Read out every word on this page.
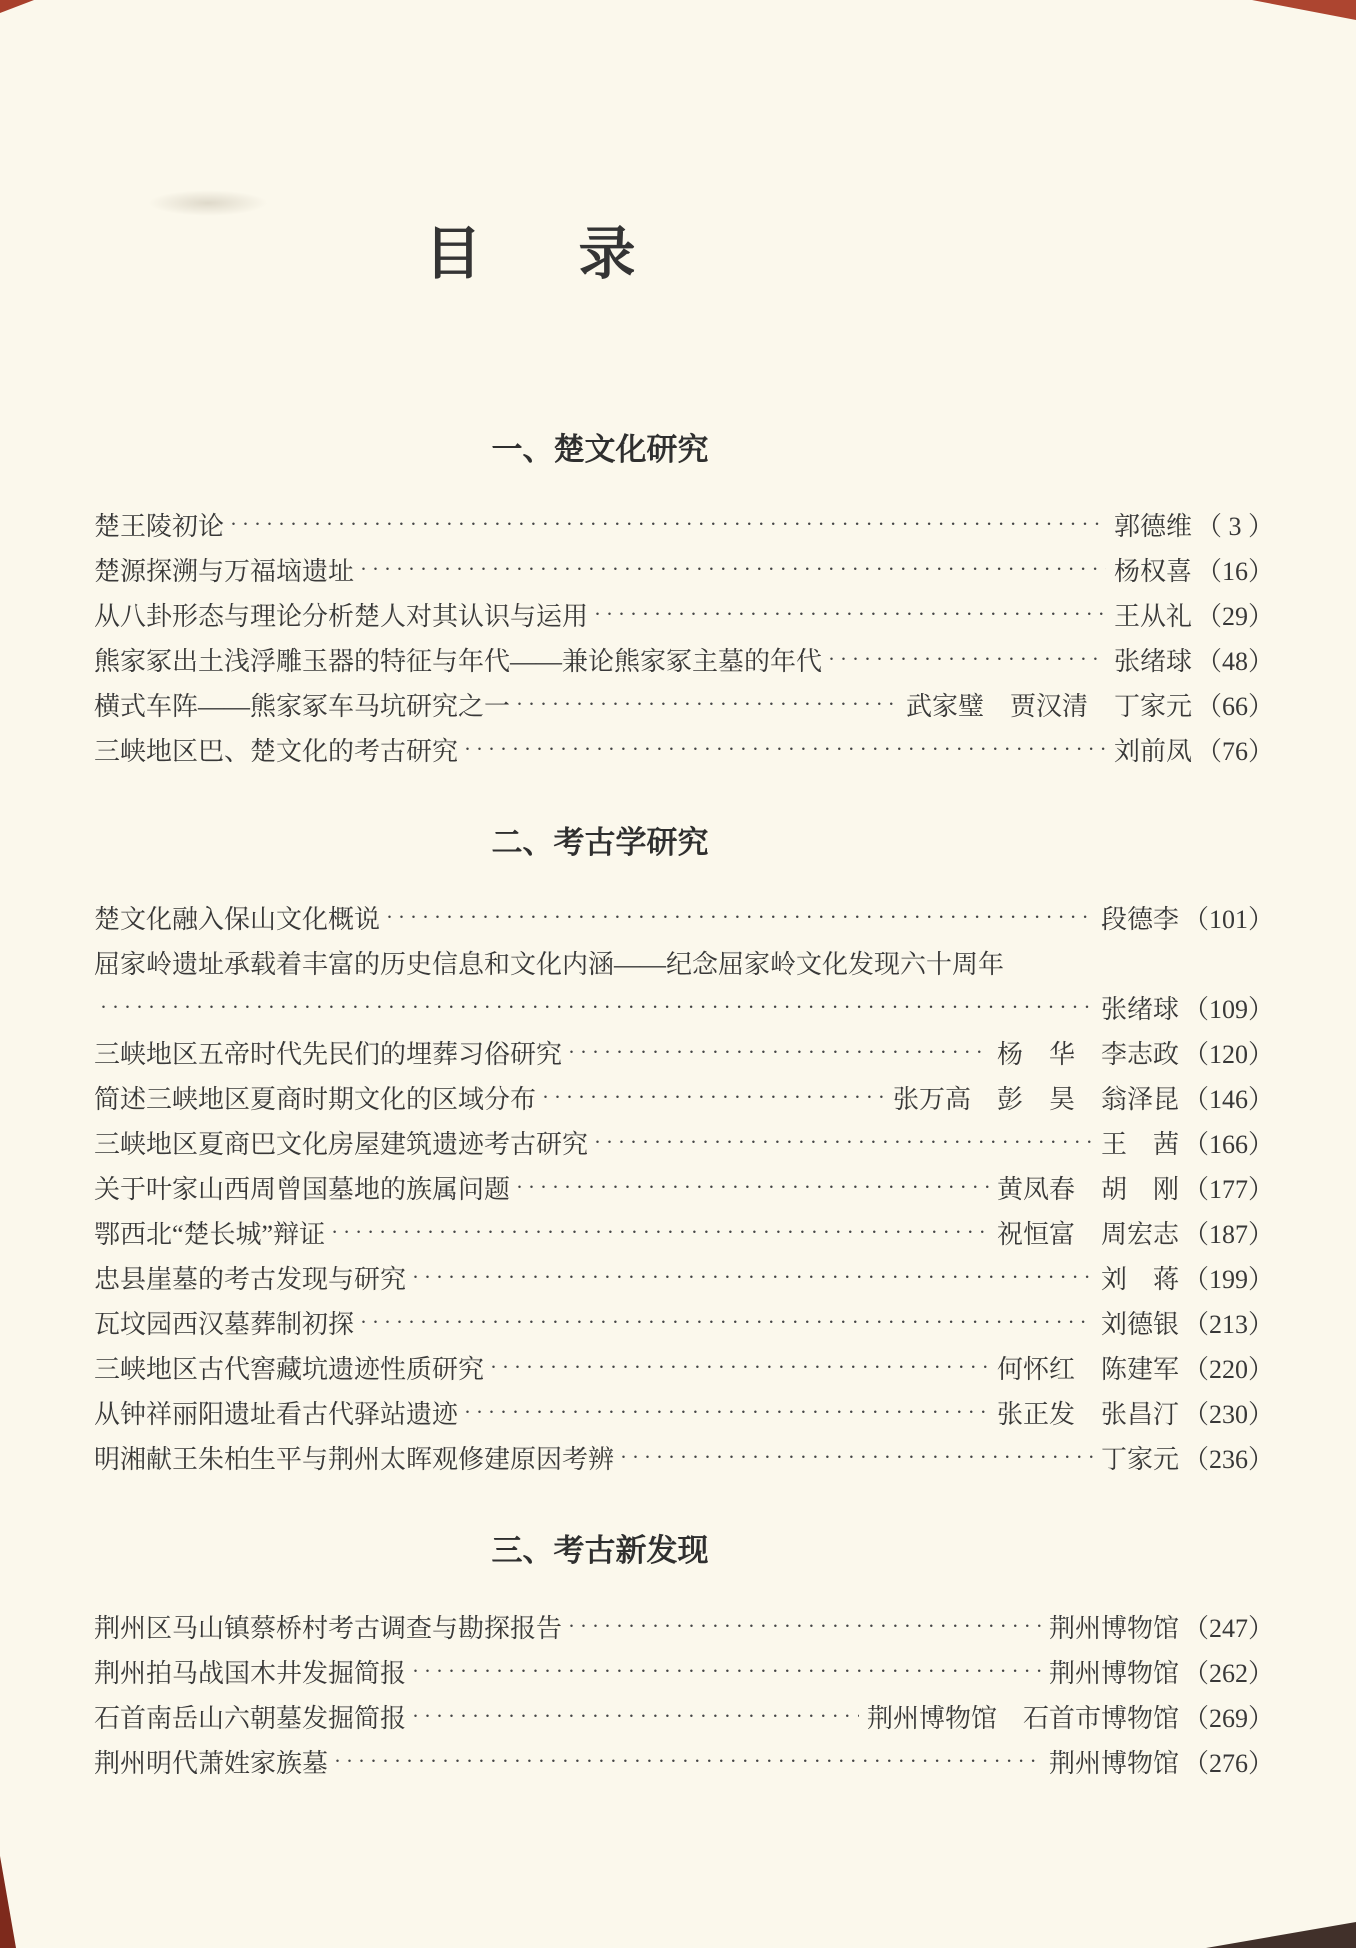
目　录
一、楚文化研究
楚王陵初论 ·····	郭德维 （ 3 ）
楚源探溯与万福垴遗址 ·····	杨权喜 （16）
从八卦形态与理论分析楚人对其认识与运用 ·····	王从礼 （29）
熊家冢出土浅浮雕玉器的特征与年代——兼论熊家冢主墓的年代 ·····	张绪球 （48）
横式车阵——熊家冢车马坑研究之一 ·····	武家璧　贾汉清　丁家元 （66）
三峡地区巴、楚文化的考古研究 ·····	刘前凤 （76）
二、考古学研究
楚文化融入保山文化概说 ·····	段德李 （101）
屈家岭遗址承载着丰富的历史信息和文化内涵——纪念屈家岭文化发现六十周年
·····
张绪球 （109）
三峡地区五帝时代先民们的埋葬习俗研究 ·····	杨　华　李志政 （120）
简述三峡地区夏商时期文化的区域分布 ·····	张万高　彭　昊　翁泽昆 （146）
三峡地区夏商巴文化房屋建筑遗迹考古研究 ·····	王　茜 （166）
关于叶家山西周曾国墓地的族属问题 ·····	黄凤春　胡　刚 （177）
鄂西北“楚长城”辩证 ·····	祝恒富　周宏志 （187）
忠县崖墓的考古发现与研究 ·····	刘　蒋 （199）
瓦坟园西汉墓葬制初探 ·····	刘德银 （213）
三峡地区古代窖藏坑遗迹性质研究 ·····	何怀红　陈建军 （220）
从钟祥丽阳遗址看古代驿站遗迹 ·····	张正发　张昌汀 （230）
明湘献王朱柏生平与荆州太晖观修建原因考辨 ·····	丁家元 （236）
三、考古新发现
荆州区马山镇蔡桥村考古调查与勘探报告 ·····	荆州博物馆 （247）
荆州拍马战国木井发掘简报 ·····	荆州博物馆 （262）
石首南岳山六朝墓发掘简报 ·····	荆州博物馆　石首市博物馆 （269）
荆州明代萧姓家族墓 ·····	荆州博物馆 （276）
